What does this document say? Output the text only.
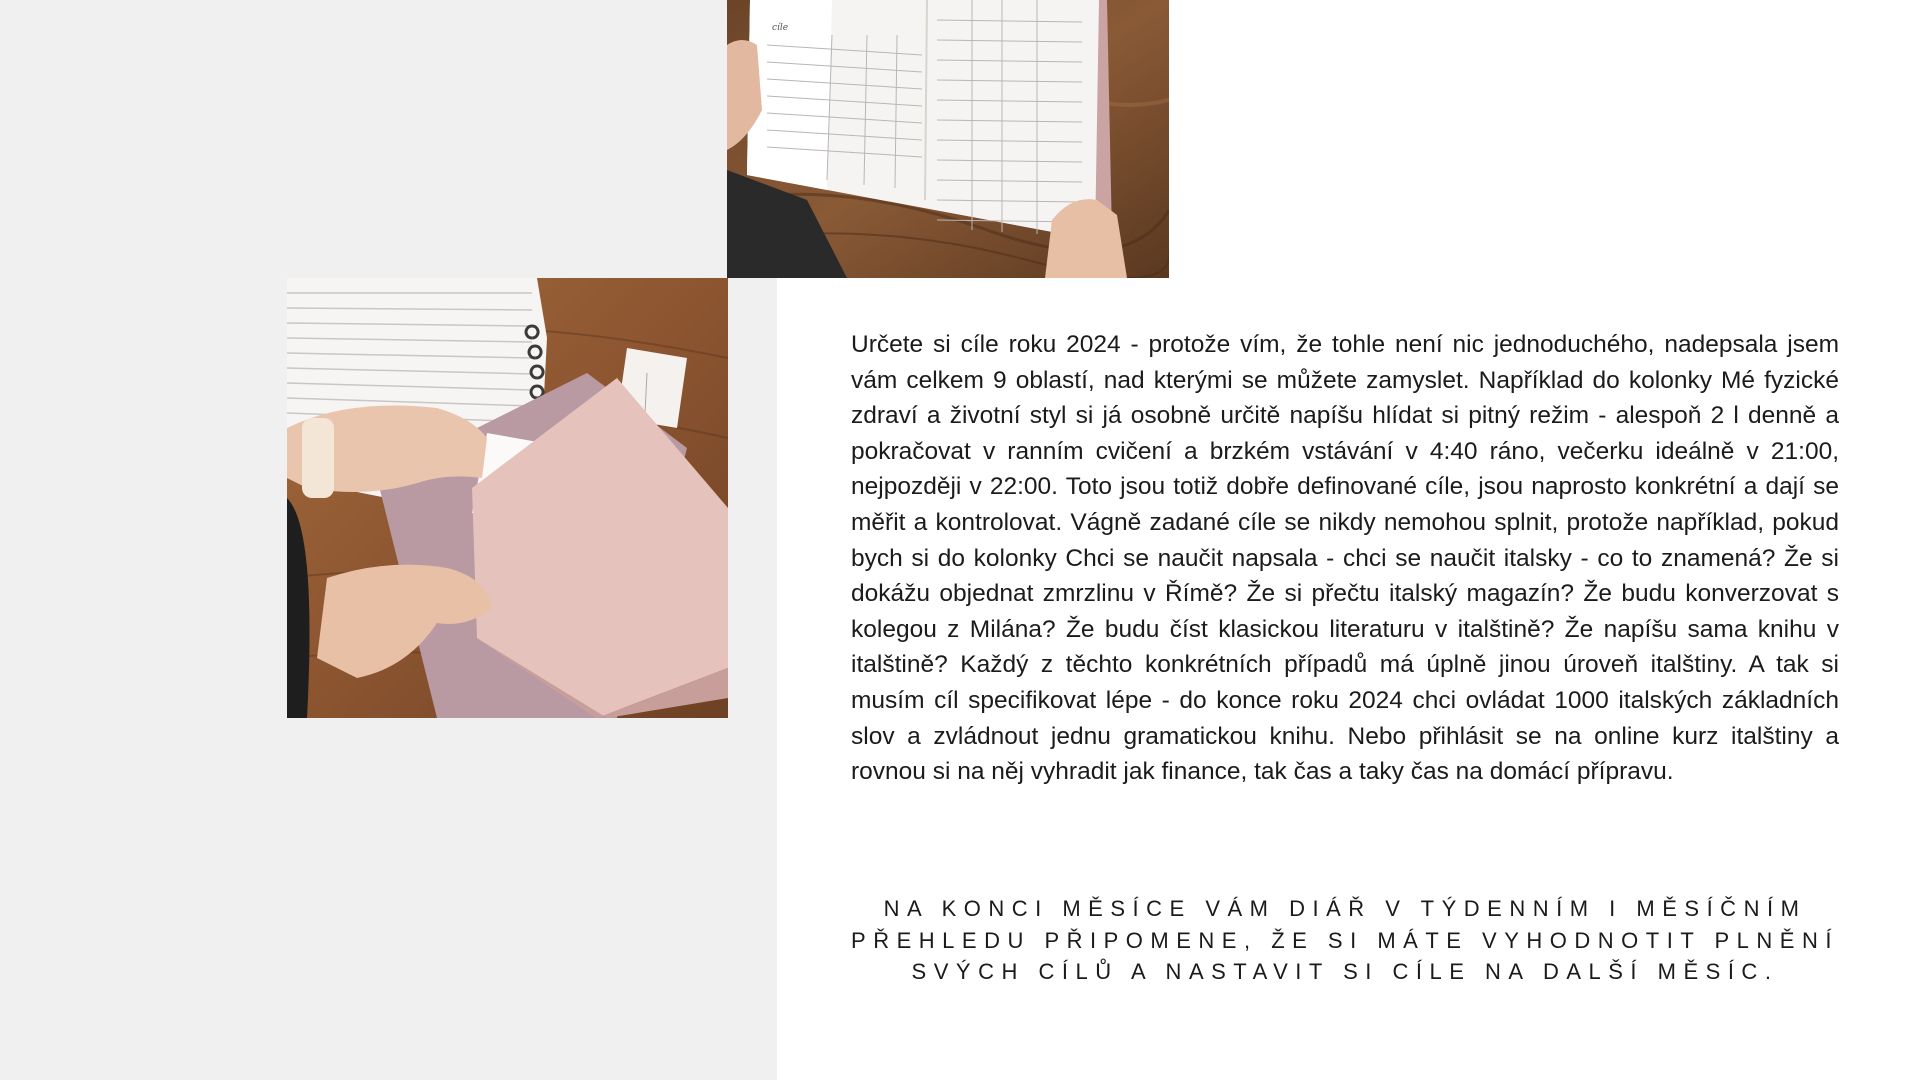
cíle

Určete si cíle roku 2024 - protože vím, že tohle není nic jednoduchého, nadepsala jsem vám celkem 9 oblastí, nad kterými se můžete zamyslet. Například do kolonky Mé fyzické zdraví a životní styl si já osobně určitě napíšu hlídat si pitný režim - alespoň 2 l denně a pokračovat v ranním cvičení a brzkém vstávání v 4:40 ráno, večerku ideálně v 21:00, nejpozději v 22:00. Toto jsou totiž dobře definované cíle, jsou naprosto konkrétní a dají se měřit a kontrolovat. Vágně zadané cíle se nikdy nemohou splnit, protože například, pokud bych si do kolonky Chci se naučit napsala - chci se naučit italsky - co to znamená? Že si dokážu objednat zmrzlinu v Římě? Že si přečtu italský magazín? Že budu konverzovat s kolegou z Milána? Že budu číst klasickou literaturu v italštině? Že napíšu sama knihu v italštině? Každý z těchto konkrétních případů má úplně jinou úroveň italštiny. A tak si musím cíl specifikovat lépe - do konce roku 2024 chci ovládat 1000 italských základních slov a zvládnout jednu gramatickou knihu. Nebo přihlásit se na online kurz italštiny a rovnou si na něj vyhradit jak finance, tak čas a taky čas na domácí přípravu.

NA KONCI MĚSÍCE VÁM DIÁŘ V TÝDENNÍM I MĚSÍČNÍM PŘEHLEDU PŘIPOMENE, ŽE SI MÁTE VYHODNOTIT PLNĚNÍ SVÝCH CÍLŮ A NASTAVIT SI CÍLE NA DALŠÍ MĚSÍC.
